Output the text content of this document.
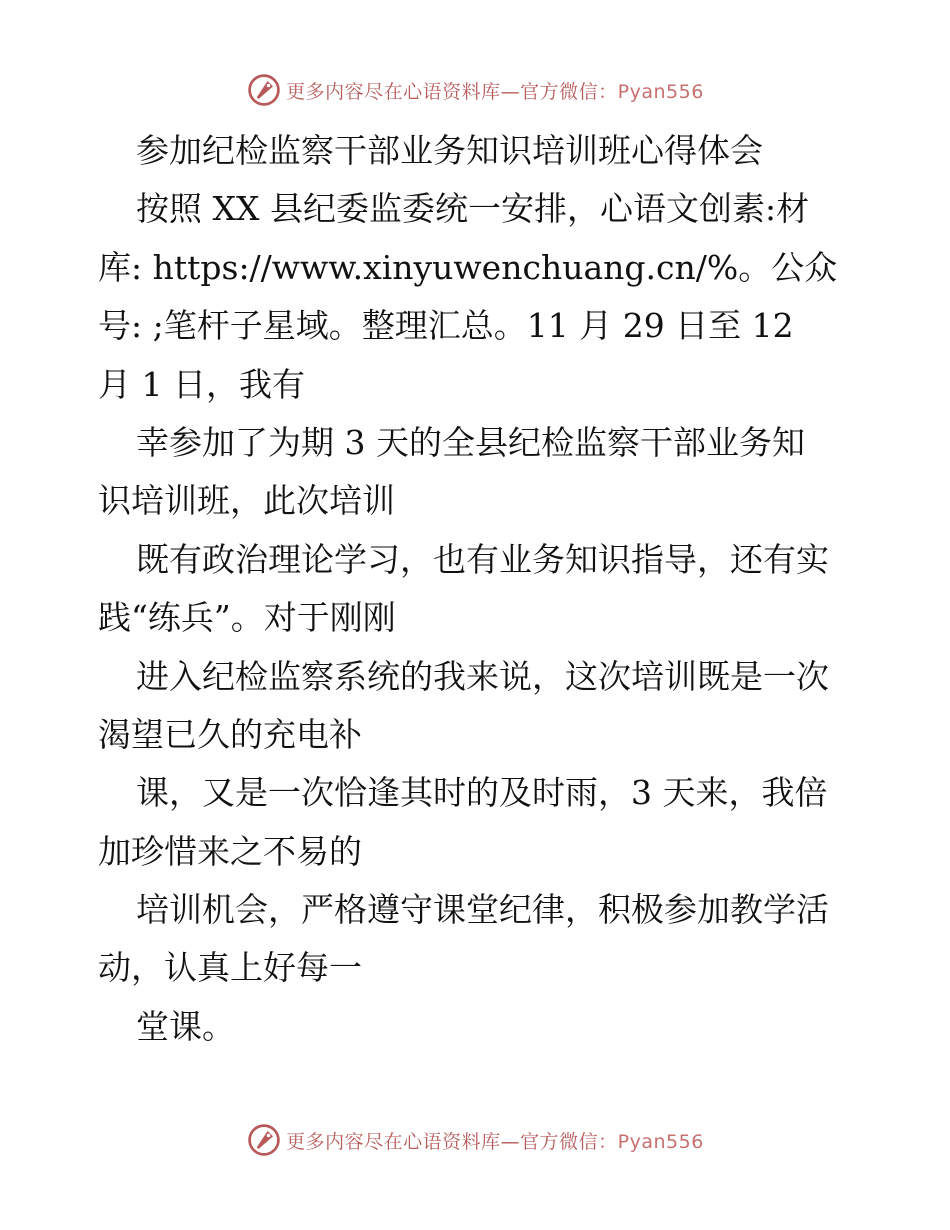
更多内容尽在心语资料库—官方微信：Pyan556
参加纪检监察干部业务知识培训班心得体会
按照 XX 县纪委监委统一安排，心语文创素:材
库: https://www.xinyuwenchuang.cn/%。公众
号: ;笔杆子星域。整理汇总。11 月 29 日至 12
月 1 日，我有
幸参加了为期 3 天的全县纪检监察干部业务知
识培训班，此次培训
既有政治理论学习，也有业务知识指导，还有实
践“练兵”。对于刚刚
进入纪检监察系统的我来说，这次培训既是一次
渴望已久的充电补
课，又是一次恰逢其时的及时雨，3 天来，我倍
加珍惜来之不易的
培训机会，严格遵守课堂纪律，积极参加教学活
动，认真上好每一
堂课。
更多内容尽在心语资料库—官方微信：Pyan556
